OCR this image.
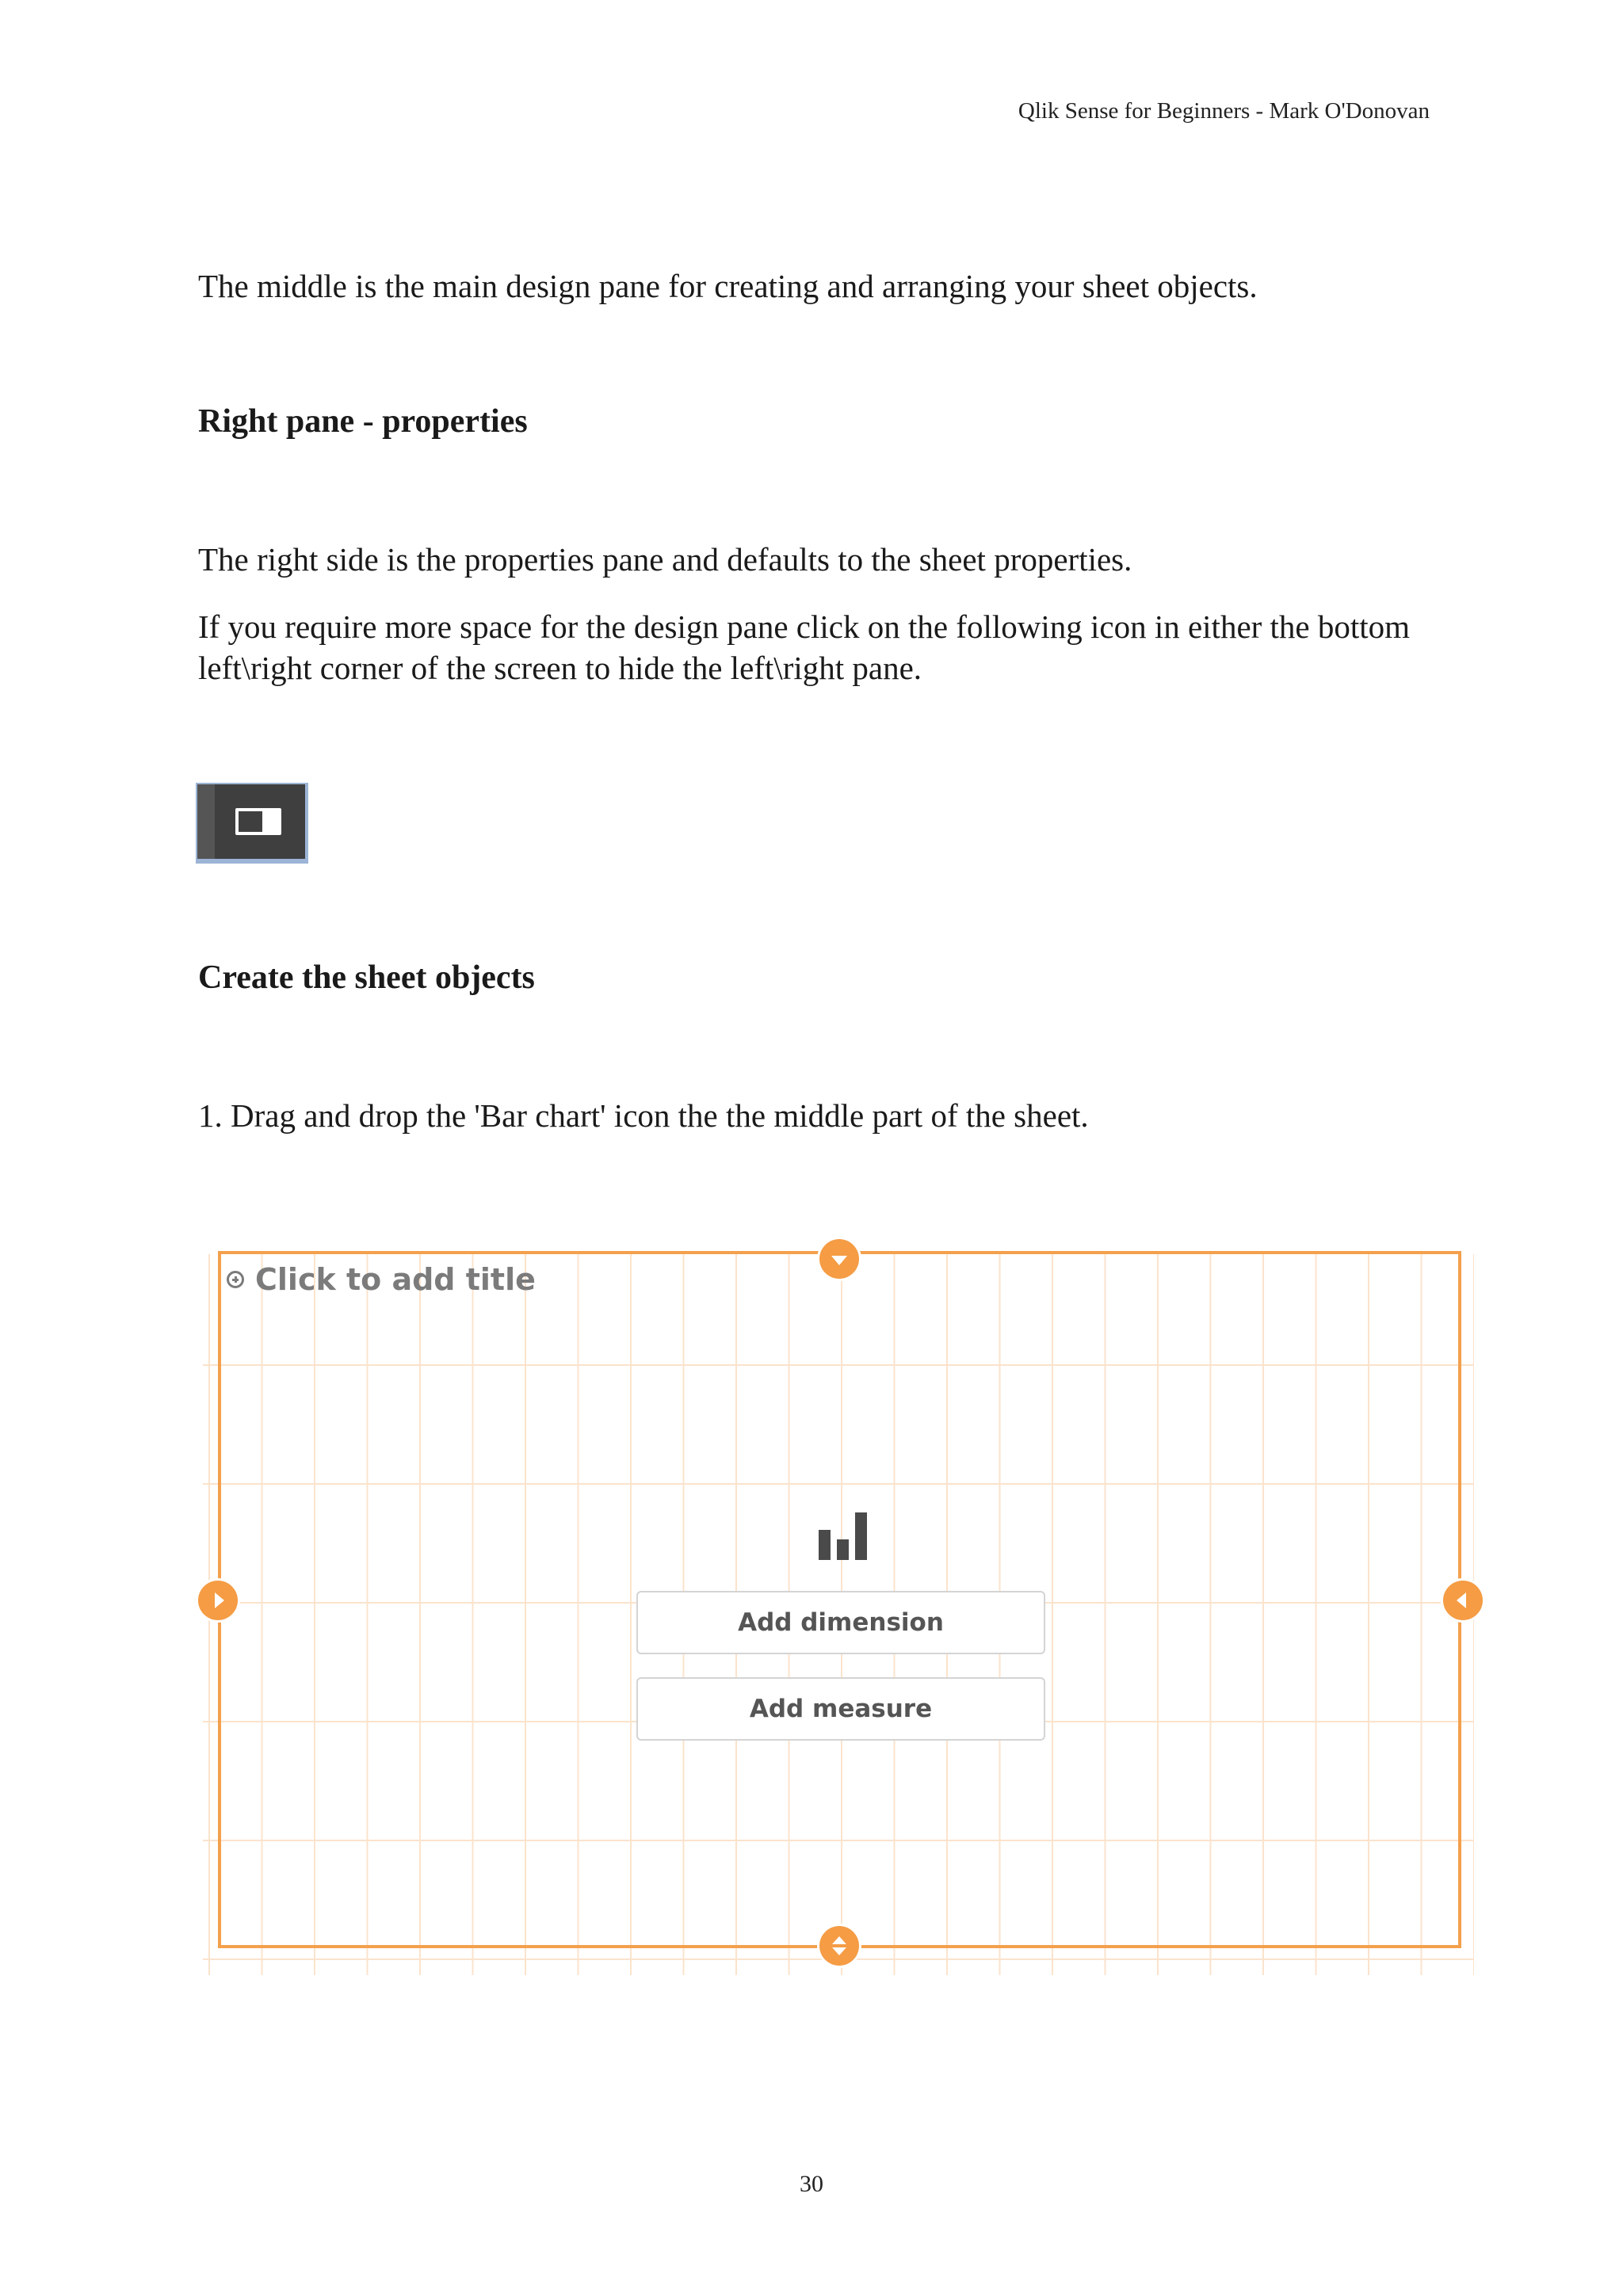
Qlik Sense for Beginners - Mark O'Donovan
The middle is the main design pane for creating and arranging your sheet objects.
Right pane - properties
The right side is the properties pane and defaults to the sheet properties.
If you require more space for the design pane click on the following icon in either the bottom left\right corner of the screen to hide the left\right pane.
Create the sheet objects
1. Drag and drop the 'Bar chart' icon the the middle part of the sheet.
Click to add title
Add dimension
Add measure
30
